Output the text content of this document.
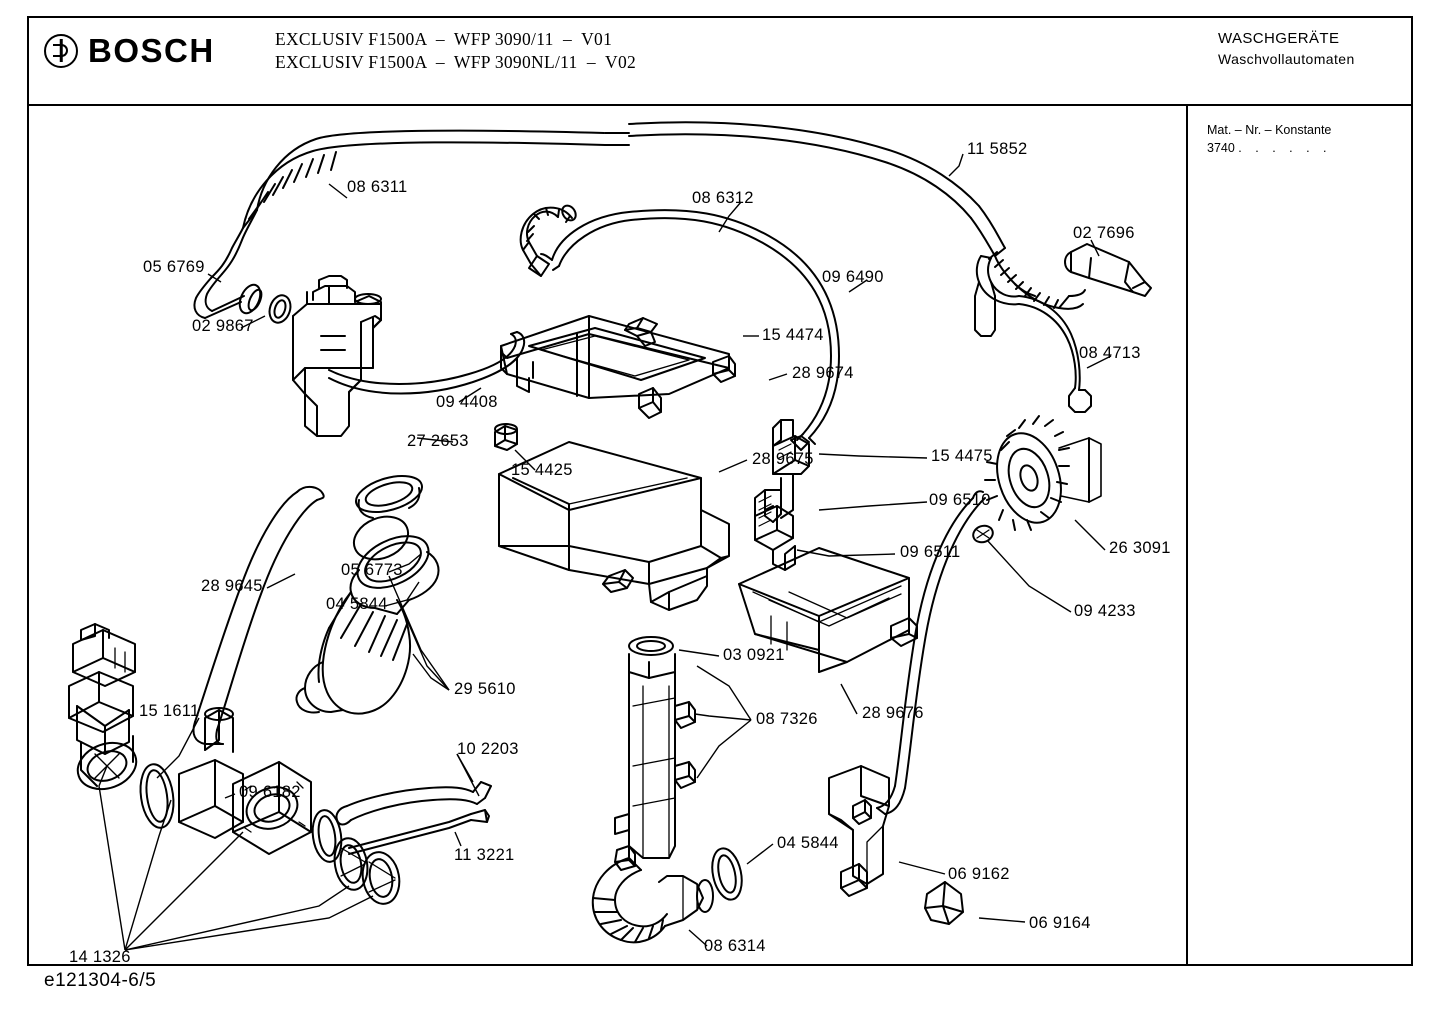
BOSCH	EXCLUSIV F1500A  –  WFP 3090/11  –  V01
EXCLUSIV F1500A  –  WFP 3090NL/11  –  V02
WASCHGERÄTE
Waschvollautomaten
Mat. – Nr. – Konstante
3740 . . . . . .
e121304-6/5
08 6311
05 6769
02 9867
27 2653
09 4408
08 6312
11 5852
02 7696
09 6490
08 4713
15 4474
28 9674
15 4425
28 9675	15 4475
09 6510
09 6511	26 3091
09 4233
28 9645
05 6773
04 5844
29 5610
15 1611
09 6182
14 1326
10 2203
11 3221
03 0921
08 7326	28 9676
04 5844
08 6314
06 9162
06 9164
